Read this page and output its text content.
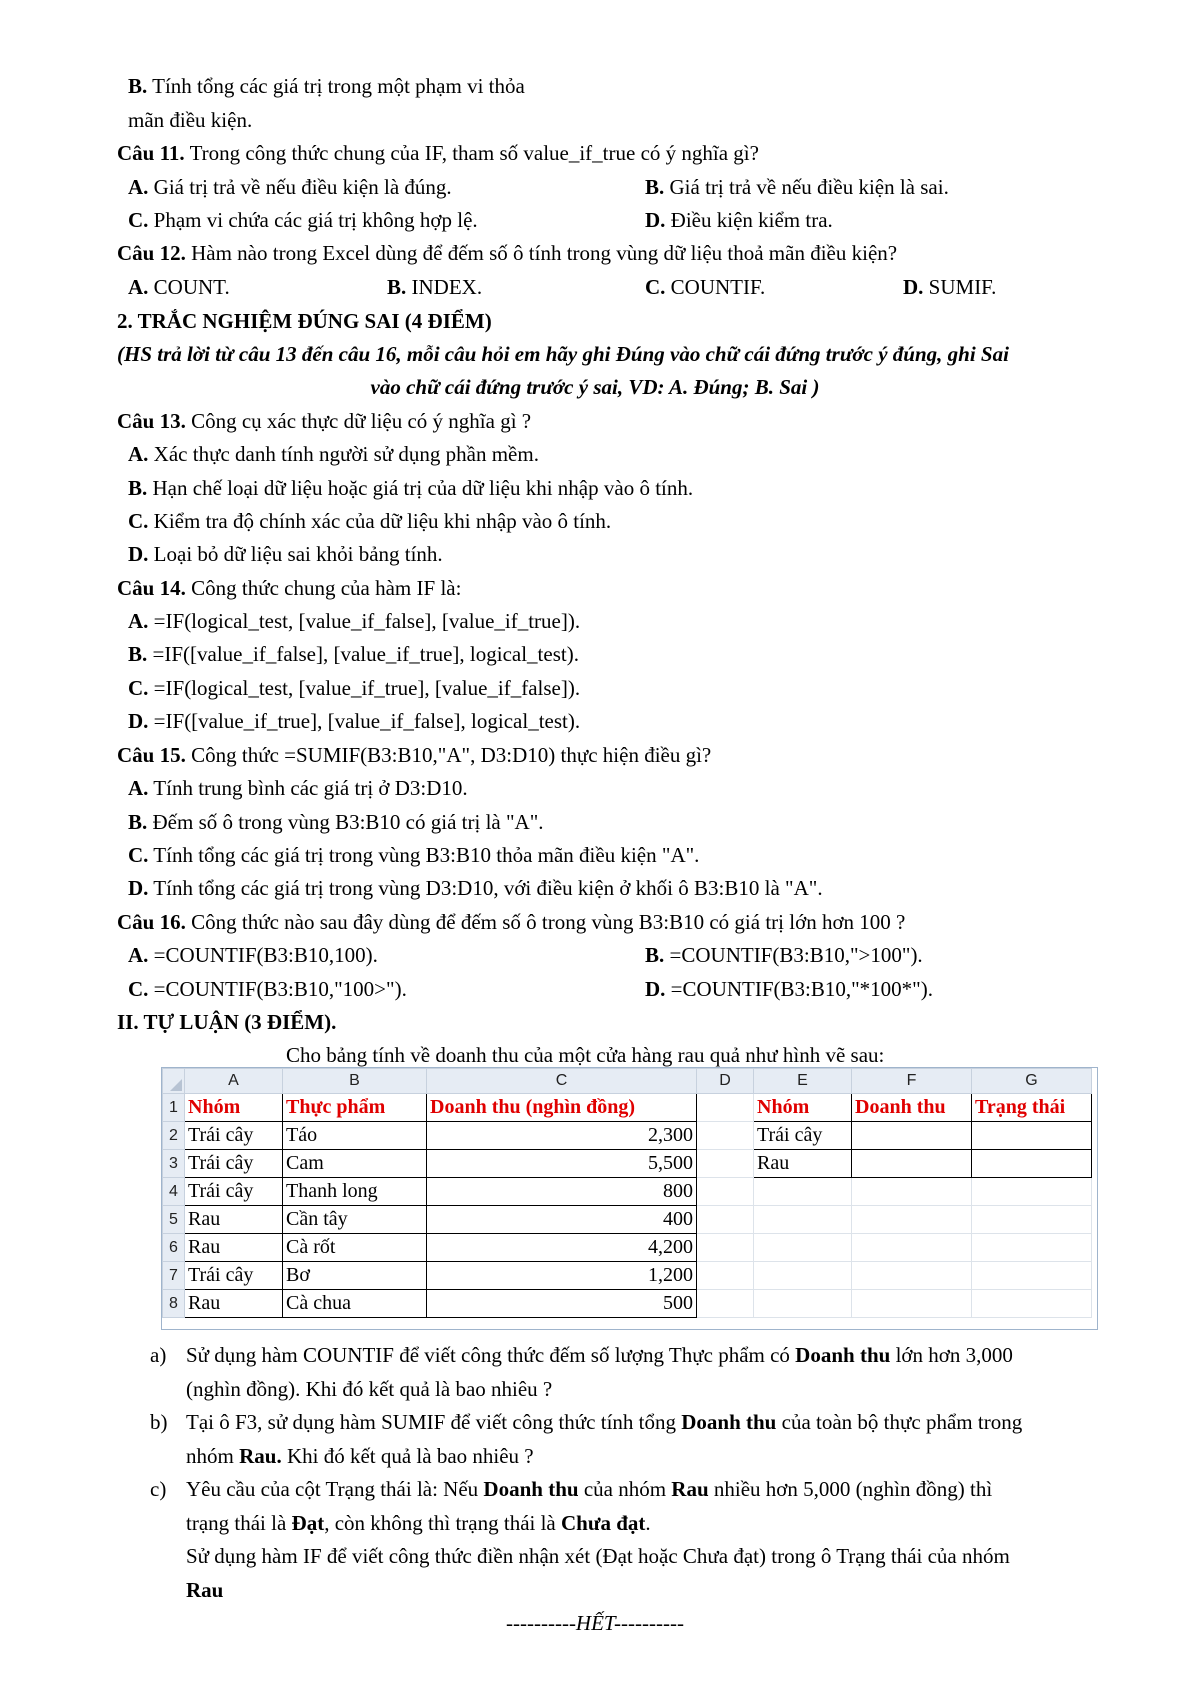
B. Tính tổng các giá trị trong một phạm vi thỏa
mãn điều kiện.
Câu 11. Trong công thức chung của IF, tham số value_if_true có ý nghĩa gì?
A. Giá trị trả về nếu điều kiện là đúng.	B. Giá trị trả về nếu điều kiện là sai.
C. Phạm vi chứa các giá trị không hợp lệ.	D. Điều kiện kiểm tra.
Câu 12. Hàm nào trong Excel dùng để đếm số ô tính trong vùng dữ liệu thoả mãn điều kiện?
A. COUNT.	B. INDEX.	C. COUNTIF.	D. SUMIF.
2. TRẮC NGHIỆM ĐÚNG SAI (4 ĐIỂM)
(HS trả lời từ câu 13 đến câu 16, mỗi câu hỏi em hãy ghi Đúng vào chữ cái đứng trước ý đúng, ghi Sai
vào chữ cái đứng trước ý sai, VD: A. Đúng; B. Sai )
Câu 13. Công cụ xác thực dữ liệu có ý nghĩa gì ?
A. Xác thực danh tính người sử dụng phần mềm.
B. Hạn chế loại dữ liệu hoặc giá trị của dữ liệu khi nhập vào ô tính.
C. Kiểm tra độ chính xác của dữ liệu khi nhập vào ô tính.
D. Loại bỏ dữ liệu sai khỏi bảng tính.
Câu 14. Công thức chung của hàm IF là:
A. =IF(logical_test, [value_if_false], [value_if_true]).
B. =IF([value_if_false], [value_if_true], logical_test).
C. =IF(logical_test, [value_if_true], [value_if_false]).
D. =IF([value_if_true], [value_if_false], logical_test).
Câu 15. Công thức =SUMIF(B3:B10,"A", D3:D10) thực hiện điều gì?
A. Tính trung bình các giá trị ở D3:D10.
B. Đếm số ô trong vùng B3:B10 có giá trị là "A".
C. Tính tổng các giá trị trong vùng B3:B10 thỏa mãn điều kiện "A".
D. Tính tổng các giá trị trong vùng D3:D10, với điều kiện ở khối ô B3:B10 là "A".
Câu 16. Công thức nào sau đây dùng để đếm số ô trong vùng B3:B10 có giá trị lớn hơn 100 ?
A. =COUNTIF(B3:B10,100).	B. =COUNTIF(B3:B10,">100").
C. =COUNTIF(B3:B10,"100>").	D. =COUNTIF(B3:B10,"*100*").
II. TỰ LUẬN (3 ĐIỂM).
Cho bảng tính về doanh thu của một cửa hàng rau quả như hình vẽ sau:
	A	B	C	D	E	F	G
1	Nhóm	Thực phẩm	Doanh thu (nghìn đồng)		Nhóm	Doanh thu	Trạng thái
2	Trái cây	Táo	2,300		Trái cây		
3	Trái cây	Cam	5,500		Rau		
4	Trái cây	Thanh long	800				
5	Rau	Cần tây	400				
6	Rau	Cà rốt	4,200				
7	Trái cây	Bơ	1,200				
8	Rau	Cà chua	500				
a) Sử dụng hàm COUNTIF để viết công thức đếm số lượng Thực phẩm có Doanh thu lớn hơn 3,000
(nghìn đồng). Khi đó kết quả là bao nhiêu ?
b) Tại ô F3, sử dụng hàm SUMIF để viết công thức tính tổng Doanh thu của toàn bộ thực phẩm trong
nhóm Rau. Khi đó kết quả là bao nhiêu ?
c) Yêu cầu của cột Trạng thái là: Nếu Doanh thu của nhóm Rau nhiều hơn 5,000 (nghìn đồng) thì
trạng thái là Đạt, còn không thì trạng thái là Chưa đạt.
Sử dụng hàm IF để viết công thức điền nhận xét (Đạt hoặc Chưa đạt) trong ô Trạng thái của nhóm
Rau
----------HẾT----------
